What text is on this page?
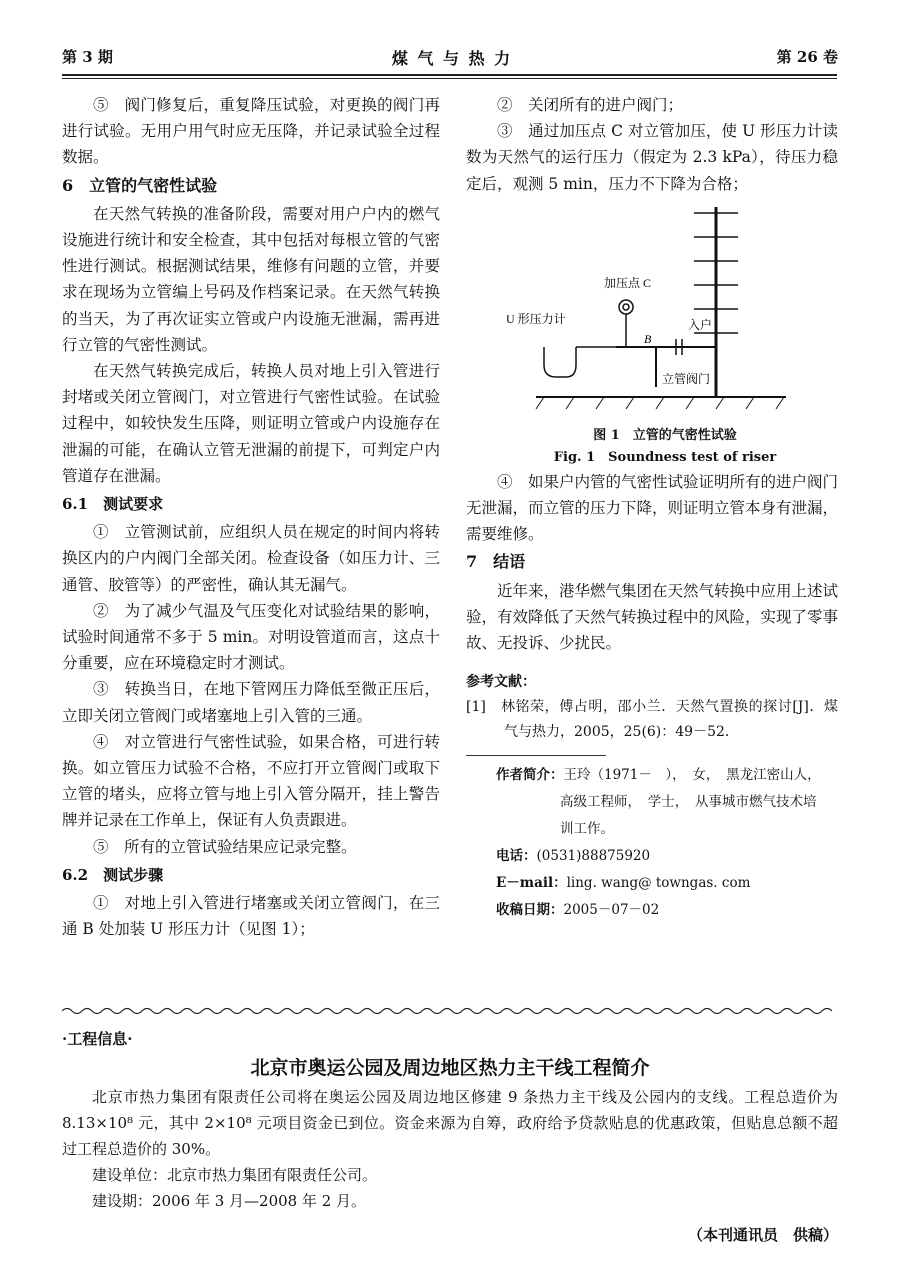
第 3 期	煤 气 与 热 力	第 26 卷

⑤　阀门修复后，重复降压试验，对更换的阀门再进行试验。无用户用气时应无压降，并记录试验全过程数据。

6　立管的气密性试验

在天然气转换的准备阶段，需要对用户户内的燃气设施进行统计和安全检查，其中包括对每根立管的气密性进行测试。根据测试结果，维修有问题的立管，并要求在现场为立管编上号码及作档案记录。在天然气转换的当天，为了再次证实立管或户内设施无泄漏，需再进行立管的气密性测试。

在天然气转换完成后，转换人员对地上引入管进行封堵或关闭立管阀门，对立管进行气密性试验。在试验过程中，如较快发生压降，则证明立管或户内设施存在泄漏的可能，在确认立管无泄漏的前提下，可判定户内管道存在泄漏。

6.1　测试要求

①　立管测试前，应组织人员在规定的时间内将转换区内的户内阀门全部关闭。检查设备（如压力计、三通管、胶管等）的严密性，确认其无漏气。

②　为了减少气温及气压变化对试验结果的影响，试验时间通常不多于 5 min。对明设管道而言，这点十分重要，应在环境稳定时才测试。

③　转换当日，在地下管网压力降低至微正压后，立即关闭立管阀门或堵塞地上引入管的三通。

④　对立管进行气密性试验，如果合格，可进行转换。如立管压力试验不合格，不应打开立管阀门或取下立管的堵头，应将立管与地上引入管分隔开，挂上警告牌并记录在工作单上，保证有人负责跟进。

⑤　所有的立管试验结果应记录完整。

6.2　测试步骤

①　对地上引入管进行堵塞或关闭立管阀门，在三通 B 处加装 U 形压力计（见图 1）；

②　关闭所有的进户阀门；

③　通过加压点 C 对立管加压，使 U 形压力计读数为天然气的运行压力（假定为 2.3 kPa），待压力稳定后，观测 5 min，压力不下降为合格；

加压点 C
B
U 形压力计	入户
立管阀门

图 1　立管的气密性试验

Fig. 1　Soundness test of riser

④　如果户内管的气密性试验证明所有的进户阀门无泄漏，而立管的压力下降，则证明立管本身有泄漏，需要维修。

7　结语

近年来，港华燃气集团在天然气转换中应用上述试验，有效降低了天然气转换过程中的风险，实现了零事故、无投诉、少扰民。

参考文献：
[1]　林铭荣，傅占明，邵小兰．天然气置换的探讨[J]．煤气与热力，2005，25(6)：49－52．
作者简介：王玲（1971－　），　女，　黑龙江密山人，
高级工程师，　学士，　从事城市燃气技术培
训工作。
电话：(0531)88875920
E－mail：ling. wang@ towngas. com
收稿日期：2005－07－02
·工程信息·
北京市奥运公园及周边地区热力主干线工程简介

北京市热力集团有限责任公司将在奥运公园及周边地区修建 9 条热力主干线及公园内的支线。工程总造价为 8.13×10⁸ 元，其中 2×10⁸ 元项目资金已到位。资金来源为自筹，政府给予贷款贴息的优惠政策，但贴息总额不超过工程总造价的 30%。

建设单位：北京市热力集团有限责任公司。

建设期：2006 年 3 月—2008 年 2 月。

（本刊通讯员　供稿）
